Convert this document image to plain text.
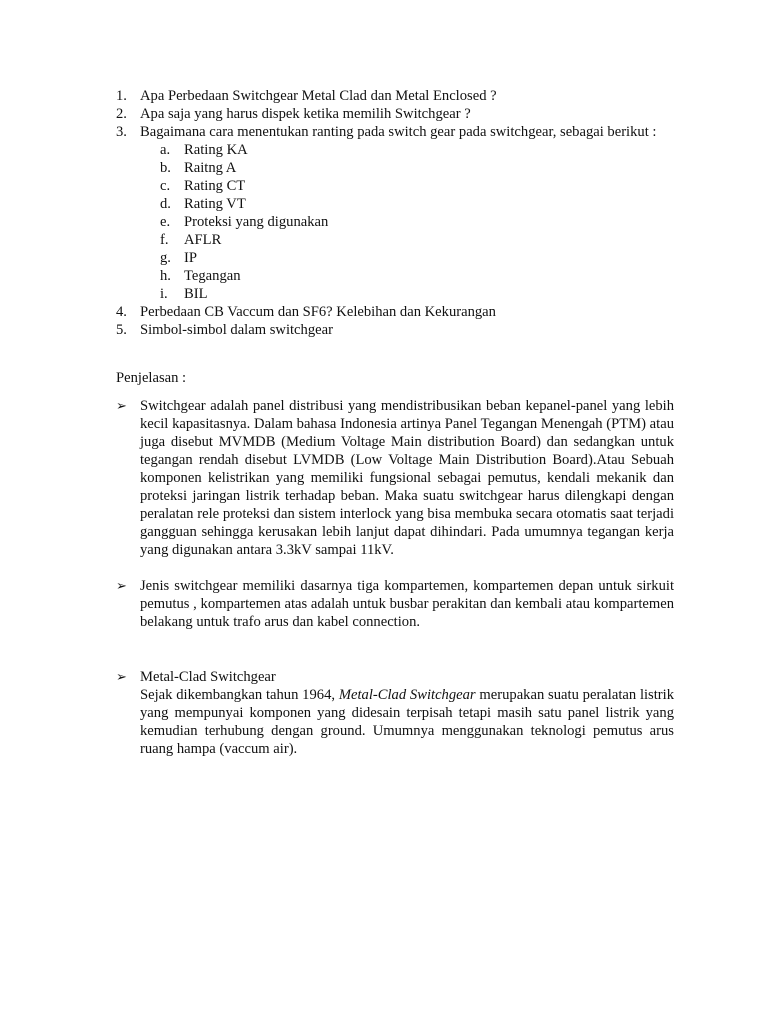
1. Apa Perbedaan Switchgear Metal Clad dan Metal Enclosed ?
2. Apa saja yang harus dispek ketika memilih Switchgear ?
3. Bagaimana cara menentukan ranting pada switch gear pada switchgear, sebagai berikut :
a. Rating KA
b. Raitng A
c. Rating CT
d. Rating VT
e. Proteksi yang digunakan
f.	AFLR
g. IP
h. Tegangan
i.	BIL
4. Perbedaan CB Vaccum dan SF6? Kelebihan dan Kekurangan
5. Simbol-simbol dalam switchgear
Penjelasan :
➢ Switchgear adalah panel distribusi yang mendistribusikan beban kepanel-panel yang lebih kecil kapasitasnya. Dalam bahasa Indonesia artinya Panel Tegangan Menengah (PTM) atau juga disebut MVMDB (Medium Voltage Main distribution Board) dan sedangkan untuk tegangan rendah disebut LVMDB (Low Voltage Main Distribution Board).Atau Sebuah komponen kelistrikan yang memiliki fungsional sebagai pemutus, kendali mekanik dan proteksi jaringan listrik terhadap beban. Maka suatu switchgear harus dilengkapi dengan peralatan rele proteksi dan sistem interlock yang bisa membuka secara otomatis saat terjadi gangguan sehingga kerusakan lebih lanjut dapat dihindari. Pada umumnya tegangan kerja yang digunakan antara 3.3kV sampai 11kV.
➢ Jenis switchgear memiliki dasarnya tiga kompartemen, kompartemen depan untuk sirkuit pemutus , kompartemen atas adalah untuk busbar perakitan dan kembali atau kompartemen belakang untuk trafo arus dan kabel connection.
➢ Metal-Clad Switchgear
Sejak dikembangkan tahun 1964, Metal-Clad Switchgear merupakan suatu peralatan listrik yang mempunyai komponen yang didesain terpisah tetapi masih satu panel listrik yang kemudian terhubung dengan ground. Umumnya menggunakan teknologi pemutus arus ruang hampa (vaccum air).
